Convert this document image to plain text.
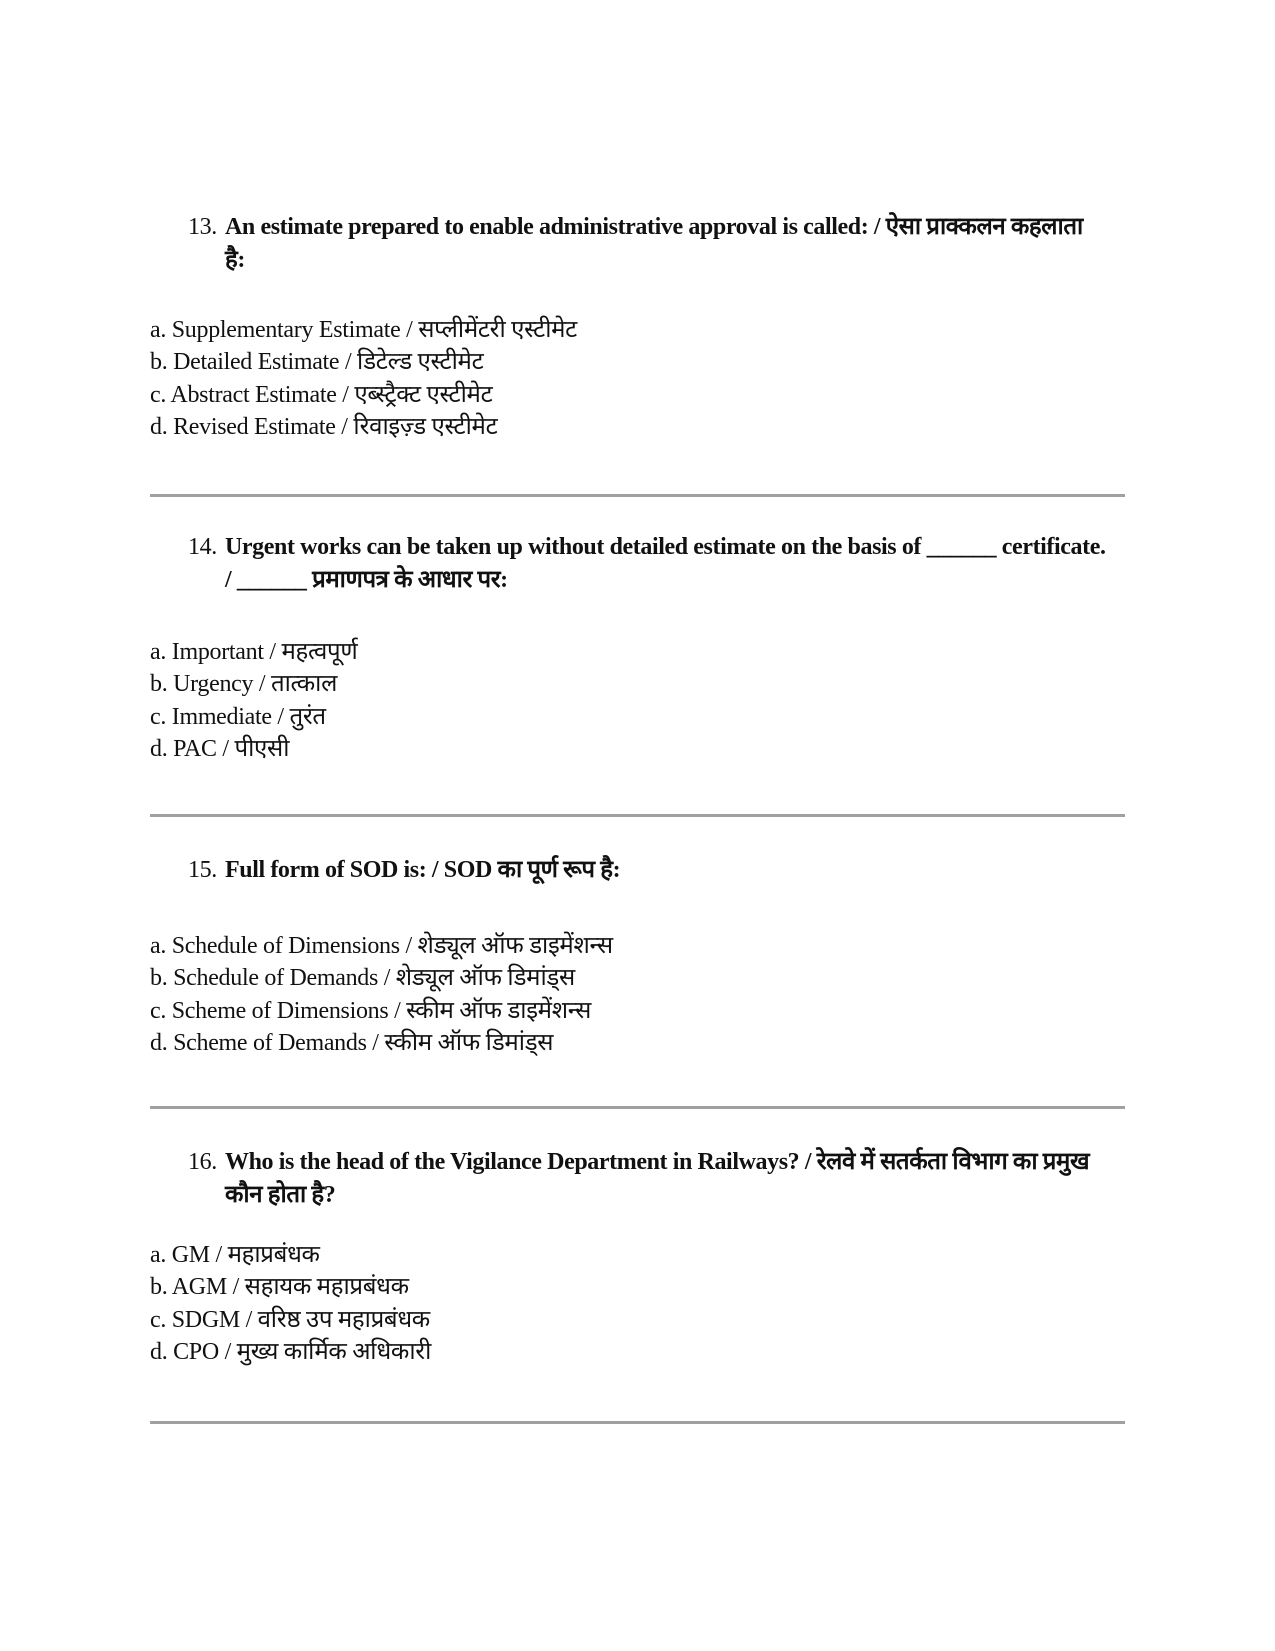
13. An estimate prepared to enable administrative approval is called: / ऐसा प्राक्कलन कहलाता है:
a. Supplementary Estimate / सप्लीमेंटरी एस्टीमेट
b. Detailed Estimate / डिटेल्ड एस्टीमेट
c. Abstract Estimate / एब्स्ट्रैक्ट एस्टीमेट
d. Revised Estimate / रिवाइज़्ड एस्टीमेट
14. Urgent works can be taken up without detailed estimate on the basis of ______ certificate. / ______ प्रमाणपत्र के आधार पर:
a. Important / महत्वपूर्ण
b. Urgency / तात्काल
c. Immediate / तुरंत
d. PAC / पीएसी
15. Full form of SOD is: / SOD का पूर्ण रूप है:
a. Schedule of Dimensions / शेड्यूल ऑफ डाइमेंशन्स
b. Schedule of Demands / शेड्यूल ऑफ डिमांड्स
c. Scheme of Dimensions / स्कीम ऑफ डाइमेंशन्स
d. Scheme of Demands / स्कीम ऑफ डिमांड्स
16. Who is the head of the Vigilance Department in Railways? / रेलवे में सतर्कता विभाग का प्रमुख कौन होता है?
a. GM / महाप्रबंधक
b. AGM / सहायक महाप्रबंधक
c. SDGM / वरिष्ठ उप महाप्रबंधक
d. CPO / मुख्य कार्मिक अधिकारी
